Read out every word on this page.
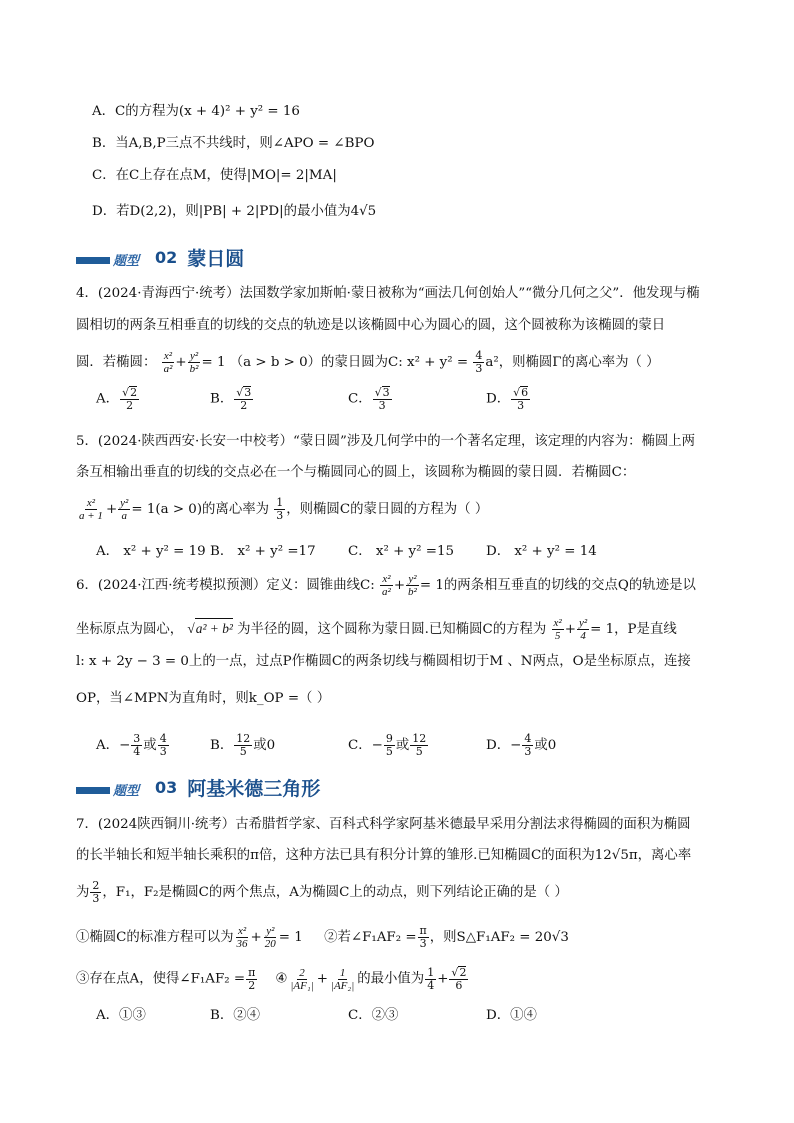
A．C的方程为(x + 4)² + y² = 16
B．当A,B,P三点不共线时，则∠APO = ∠BPO
C．在C上存在点M，使得|MO|= 2|MA|
D．若D(2,2)，则|PB| + 2|PD|的最小值为4√5
题型 02 蒙日圆
4．(2024·青海西宁·统考）法国数学家加斯帕·蒙日被称为“画法几何创始人”“微分几何之父”．他发现与椭
圆相切的两条互相垂直的切线的交点的轨迹是以该椭圆中心为圆心的圆，这个圆被称为该椭圆的蒙日
圆．若椭圆： $\frac{\text{x²}}{\text{a²}} + \frac{\text{y²}}{\text{b²}} = 1$ （a > b > 0）的蒙日圆为C: $x^2 + y^2 = \frac{4}{3} a^2$，则椭圆Γ的离心率为（ ）
A． $\frac{√2}{2}$	B． $\frac{√3}{2}$	C． $\frac{√3}{3}$	D． $\frac{√6}{3}$
5．(2024·陕西西安·长安一中校考）“蒙日圆”涉及几何学中的一个著名定理，该定理的内容为：椭圆上两
条互相输出垂直的切线的交点必在一个与椭圆同心的圆上，该圆称为椭圆的蒙日圆．若椭圆C：
$\frac{\text{x²}}{a + 1} + \frac{\text{y²}}{a} = 1(a > 0)$的离心率为 $\frac{1}{3}$ ，则椭圆C的蒙日圆的方程为（ ）
A． x² + y² = 19 B． x² + y² =17 C． x² + y² =15 D． x² + y² = 14
6．(2024·江西·统考模拟预测）定义：圆锥曲线C: $\frac{\text{x²}}{\text{a²}} + \frac{\text{y²}}{\text{b²}} = 1$的两条相互垂直的切线的交点Q的轨迹是以
坐标原点为圆心， √a² + b² 为半径的圆，这个圆称为蒙日圆.已知椭圆C的方程为 $\frac{\text{x²}}{5} + \frac{\text{y²}}{4} = 1$，P是直线
l: x + 2y − 3 = 0上的一点，过点P作椭圆C的两条切线与椭圆相切于M 、N两点，O是坐标原点，连接
OP，当∠MPN为直角时，则k_OP =（ ）
A．− $\frac{3}{4}$ 或 $\frac{4}{3}$	B． $\frac{12}{5}$ 或0	C．− $\frac{9}{5}$ 或 $\frac{12}{5}$	D．− $\frac{4}{3}$ 或0
题型 03 阿基米德三角形
7．(2024陕西铜川·统考）古希腊哲学家、百科式科学家阿基米德最早采用分割法求得椭圆的面积为椭圆
的长半轴长和短半轴长乘积的π倍，这种方法已具有积分计算的雏形.已知椭圆C的面积为12√5π，离心率
为 $\frac{2}{3}$ ，F₁，F₂是椭圆C的两个焦点，A为椭圆C上的动点，则下列结论正确的是（ ）
①椭圆C的标准方程可以为 $\frac{\text{x²}}{36} + \frac{\text{y²}}{20} = 1$ ②若∠F₁AF₂ = $\frac{\pi}{3}$ ，则S△F₁AF₂ = 20√3
③存在点A，使得∠F₁AF₂ = $\frac{\pi}{2}$ ④ $\frac{2}{\text{|AF₁|}} + \frac{1}{\text{|AF₂|}}$ 的最小值为 $\frac{1}{4} + \frac{√2}{6}$
A．①③	B．②④	C．②③	D．①④
